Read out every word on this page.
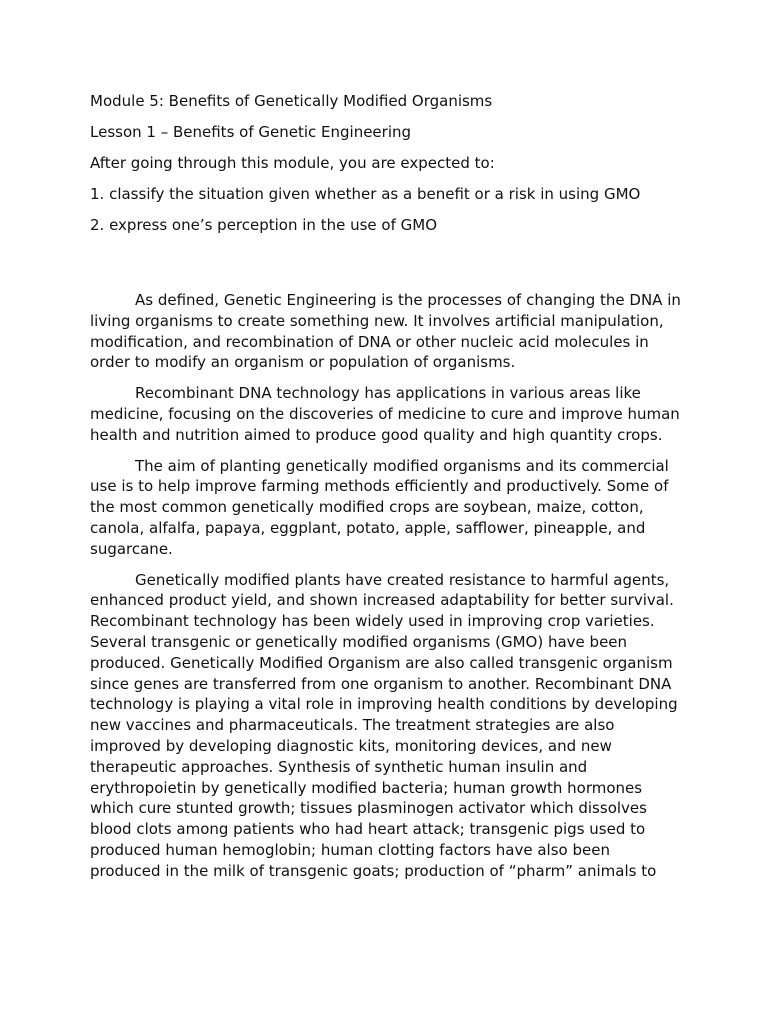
Module 5: Benefits of Genetically Modified Organisms
Lesson 1 – Benefits of Genetic Engineering
After going through this module, you are expected to:
1. classify the situation given whether as a benefit or a risk in using GMO
2. express one’s perception in the use of GMO

As defined, Genetic Engineering is the processes of changing the DNA in living organisms to create something new. It involves artificial manipulation, modification, and recombination of DNA or other nucleic acid molecules in order to modify an organism or population of organisms.

Recombinant DNA technology has applications in various areas like medicine, focusing on the discoveries of medicine to cure and improve human health and nutrition aimed to produce good quality and high quantity crops.

The aim of planting genetically modified organisms and its commercial use is to help improve farming methods efficiently and productively. Some of the most common genetically modified crops are soybean, maize, cotton, canola, alfalfa, papaya, eggplant, potato, apple, safflower, pineapple, and sugarcane.

Genetically modified plants have created resistance to harmful agents, enhanced product yield, and shown increased adaptability for better survival. Recombinant technology has been widely used in improving crop varieties. Several transgenic or genetically modified organisms (GMO) have been produced. Genetically Modified Organism are also called transgenic organism since genes are transferred from one organism to another. Recombinant DNA technology is playing a vital role in improving health conditions by developing new vaccines and pharmaceuticals. The treatment strategies are also improved by developing diagnostic kits, monitoring devices, and new therapeutic approaches. Synthesis of synthetic human insulin and erythropoietin by genetically modified bacteria; human growth hormones which cure stunted growth; tissues plasminogen activator which dissolves blood clots among patients who had heart attack; transgenic pigs used to produced human hemoglobin; human clotting factors have also been produced in the milk of transgenic goats; production of “pharm” animals to
